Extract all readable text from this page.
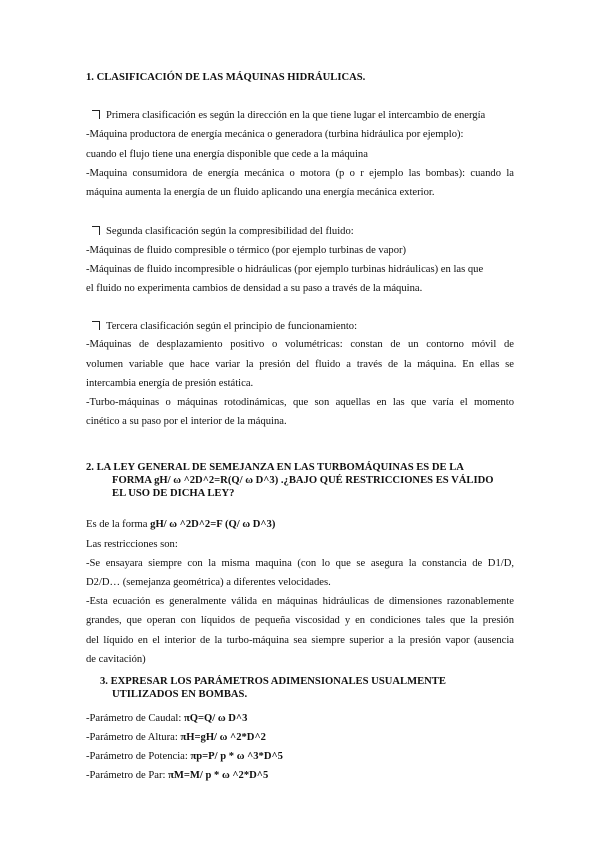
1. CLASIFICACIÓN DE LAS MÁQUINAS HIDRÁULICAS.
Primera clasificación es según la dirección en la que tiene lugar el intercambio de energía
-Máquina productora de energía mecánica o generadora (turbina hidráulica por ejemplo):
cuando el flujo tiene una energía disponible que cede a la máquina
-Maquina consumidora de energía mecánica o motora (p o r ejemplo las bombas): cuando la
máquina aumenta la energía de un fluido aplicando una energía mecánica exterior.
Segunda clasificación según la compresibilidad del fluido:
-Máquinas de fluido compresible o térmico (por ejemplo turbinas de vapor)
-Máquinas de fluido incompresible o hidráulicas (por ejemplo turbinas hidráulicas) en las que
el fluido no experimenta cambios de densidad a su paso a través de la máquina.
Tercera clasificación según el principio de funcionamiento:
-Máquinas de desplazamiento positivo o volumétricas: constan de un contorno móvil de
volumen variable que hace variar la presión del fluido a través de la máquina. En ellas se
intercambia energía de presión estática.
-Turbo-máquinas o máquinas rotodinámicas, que son aquellas en las que varía el momento
cinético a su paso por el interior de la máquina.
2. LA LEY GENERAL DE SEMEJANZA EN LAS TURBOMÁQUINAS ES DE LA
FORMA gH/ ω ^2D^2=R(Q/ ω D^3) .¿BAJO QUÉ RESTRICCIONES ES VÁLIDO
EL USO DE DICHA LEY?
Es de la forma gH/ ω ^2D^2=F (Q/ ω D^3)
Las restricciones son:
-Se ensayara siempre con la misma maquina (con lo que se asegura la constancia de D1/D,
D2/D… (semejanza geométrica) a diferentes velocidades.
-Esta ecuación es generalmente válida en máquinas hidráulicas de dimensiones razonablemente
grandes, que operan con líquidos de pequeña viscosidad y en condiciones tales que la presión
del líquido en el interior de la turbo-máquina sea siempre superior a la presión vapor (ausencia
de cavitación)
3. EXPRESAR LOS PARÁMETROS ADIMENSIONALES USUALMENTE
UTILIZADOS EN BOMBAS.
-Parámetro de Caudal: πQ=Q/ ω D^3
-Parámetro de Altura: πH=gH/ ω ^2*D^2
-Parámetro de Potencia: πp=P/ p * ω ^3*D^5
-Parámetro de Par: πM=M/ p * ω ^2*D^5
